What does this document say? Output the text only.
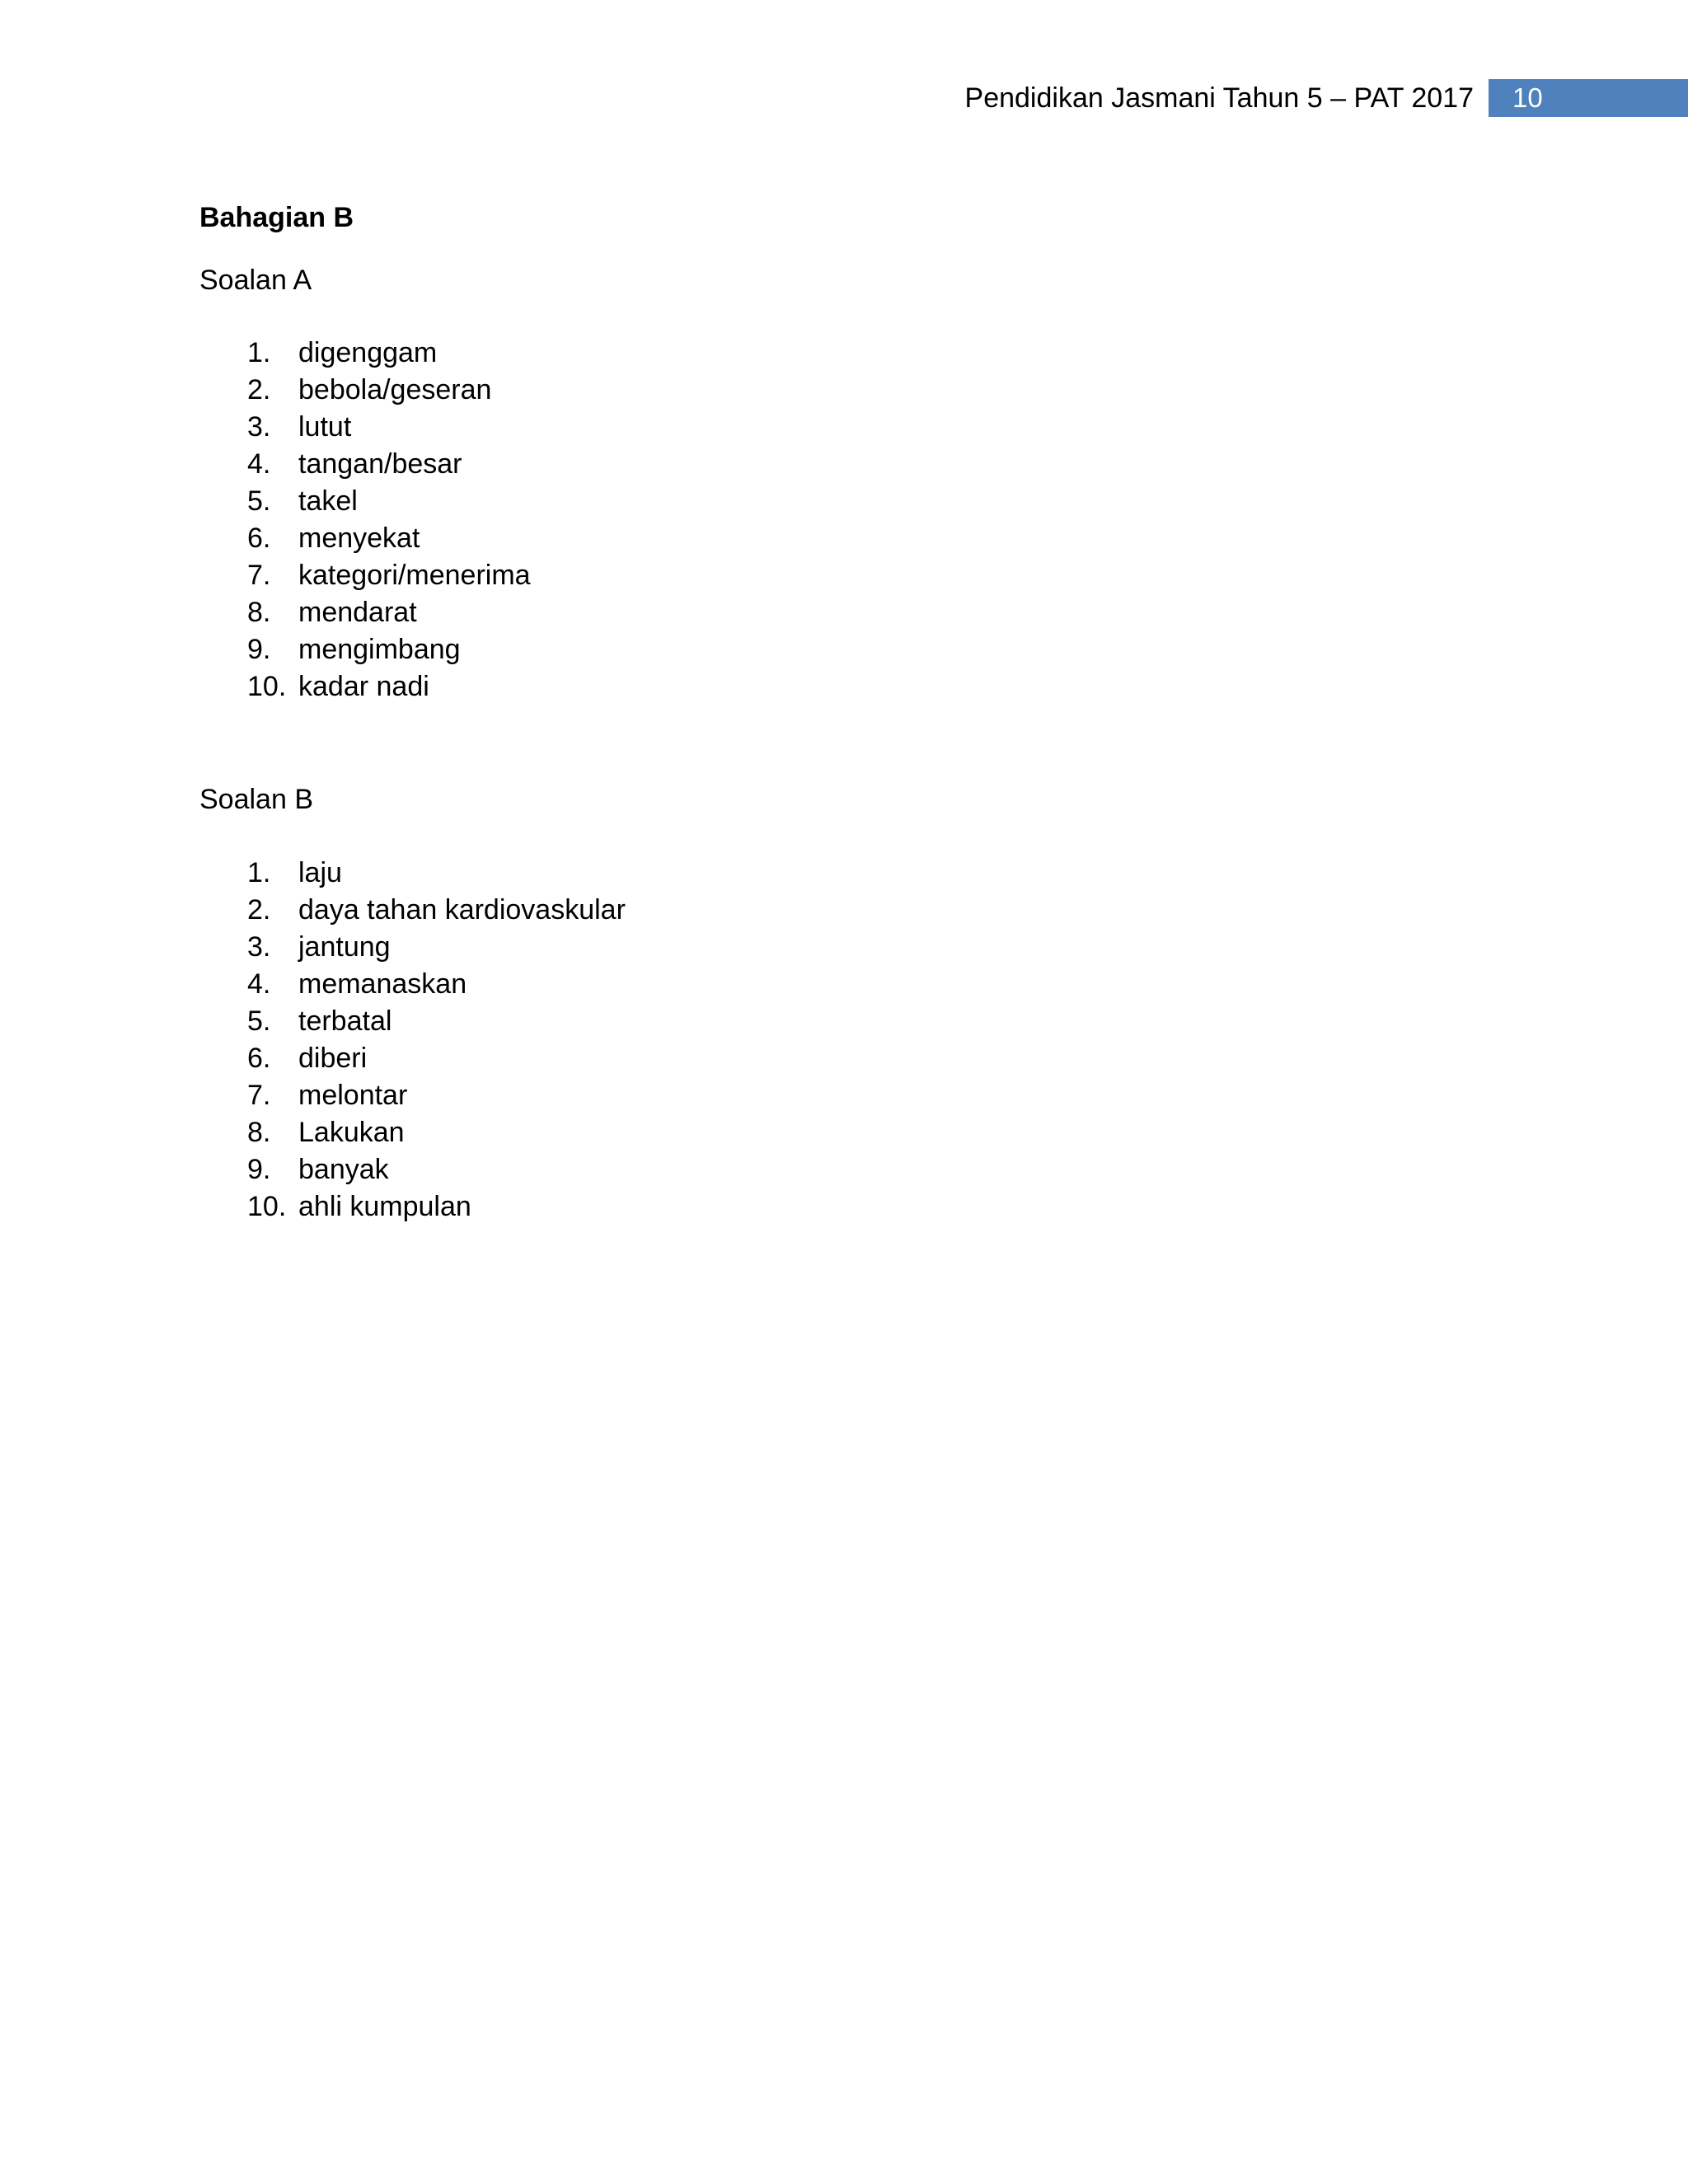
Pendidikan Jasmani Tahun 5 – PAT 2017 10
Bahagian B
Soalan A
1. digenggam
2. bebola/geseran
3. lutut
4. tangan/besar
5. takel
6. menyekat
7. kategori/menerima
8. mendarat
9. mengimbang
10. kadar nadi
Soalan B
1. laju
2. daya tahan kardiovaskular
3. jantung
4. memanaskan
5. terbatal
6. diberi
7. melontar
8. Lakukan
9. banyak
10. ahli kumpulan
